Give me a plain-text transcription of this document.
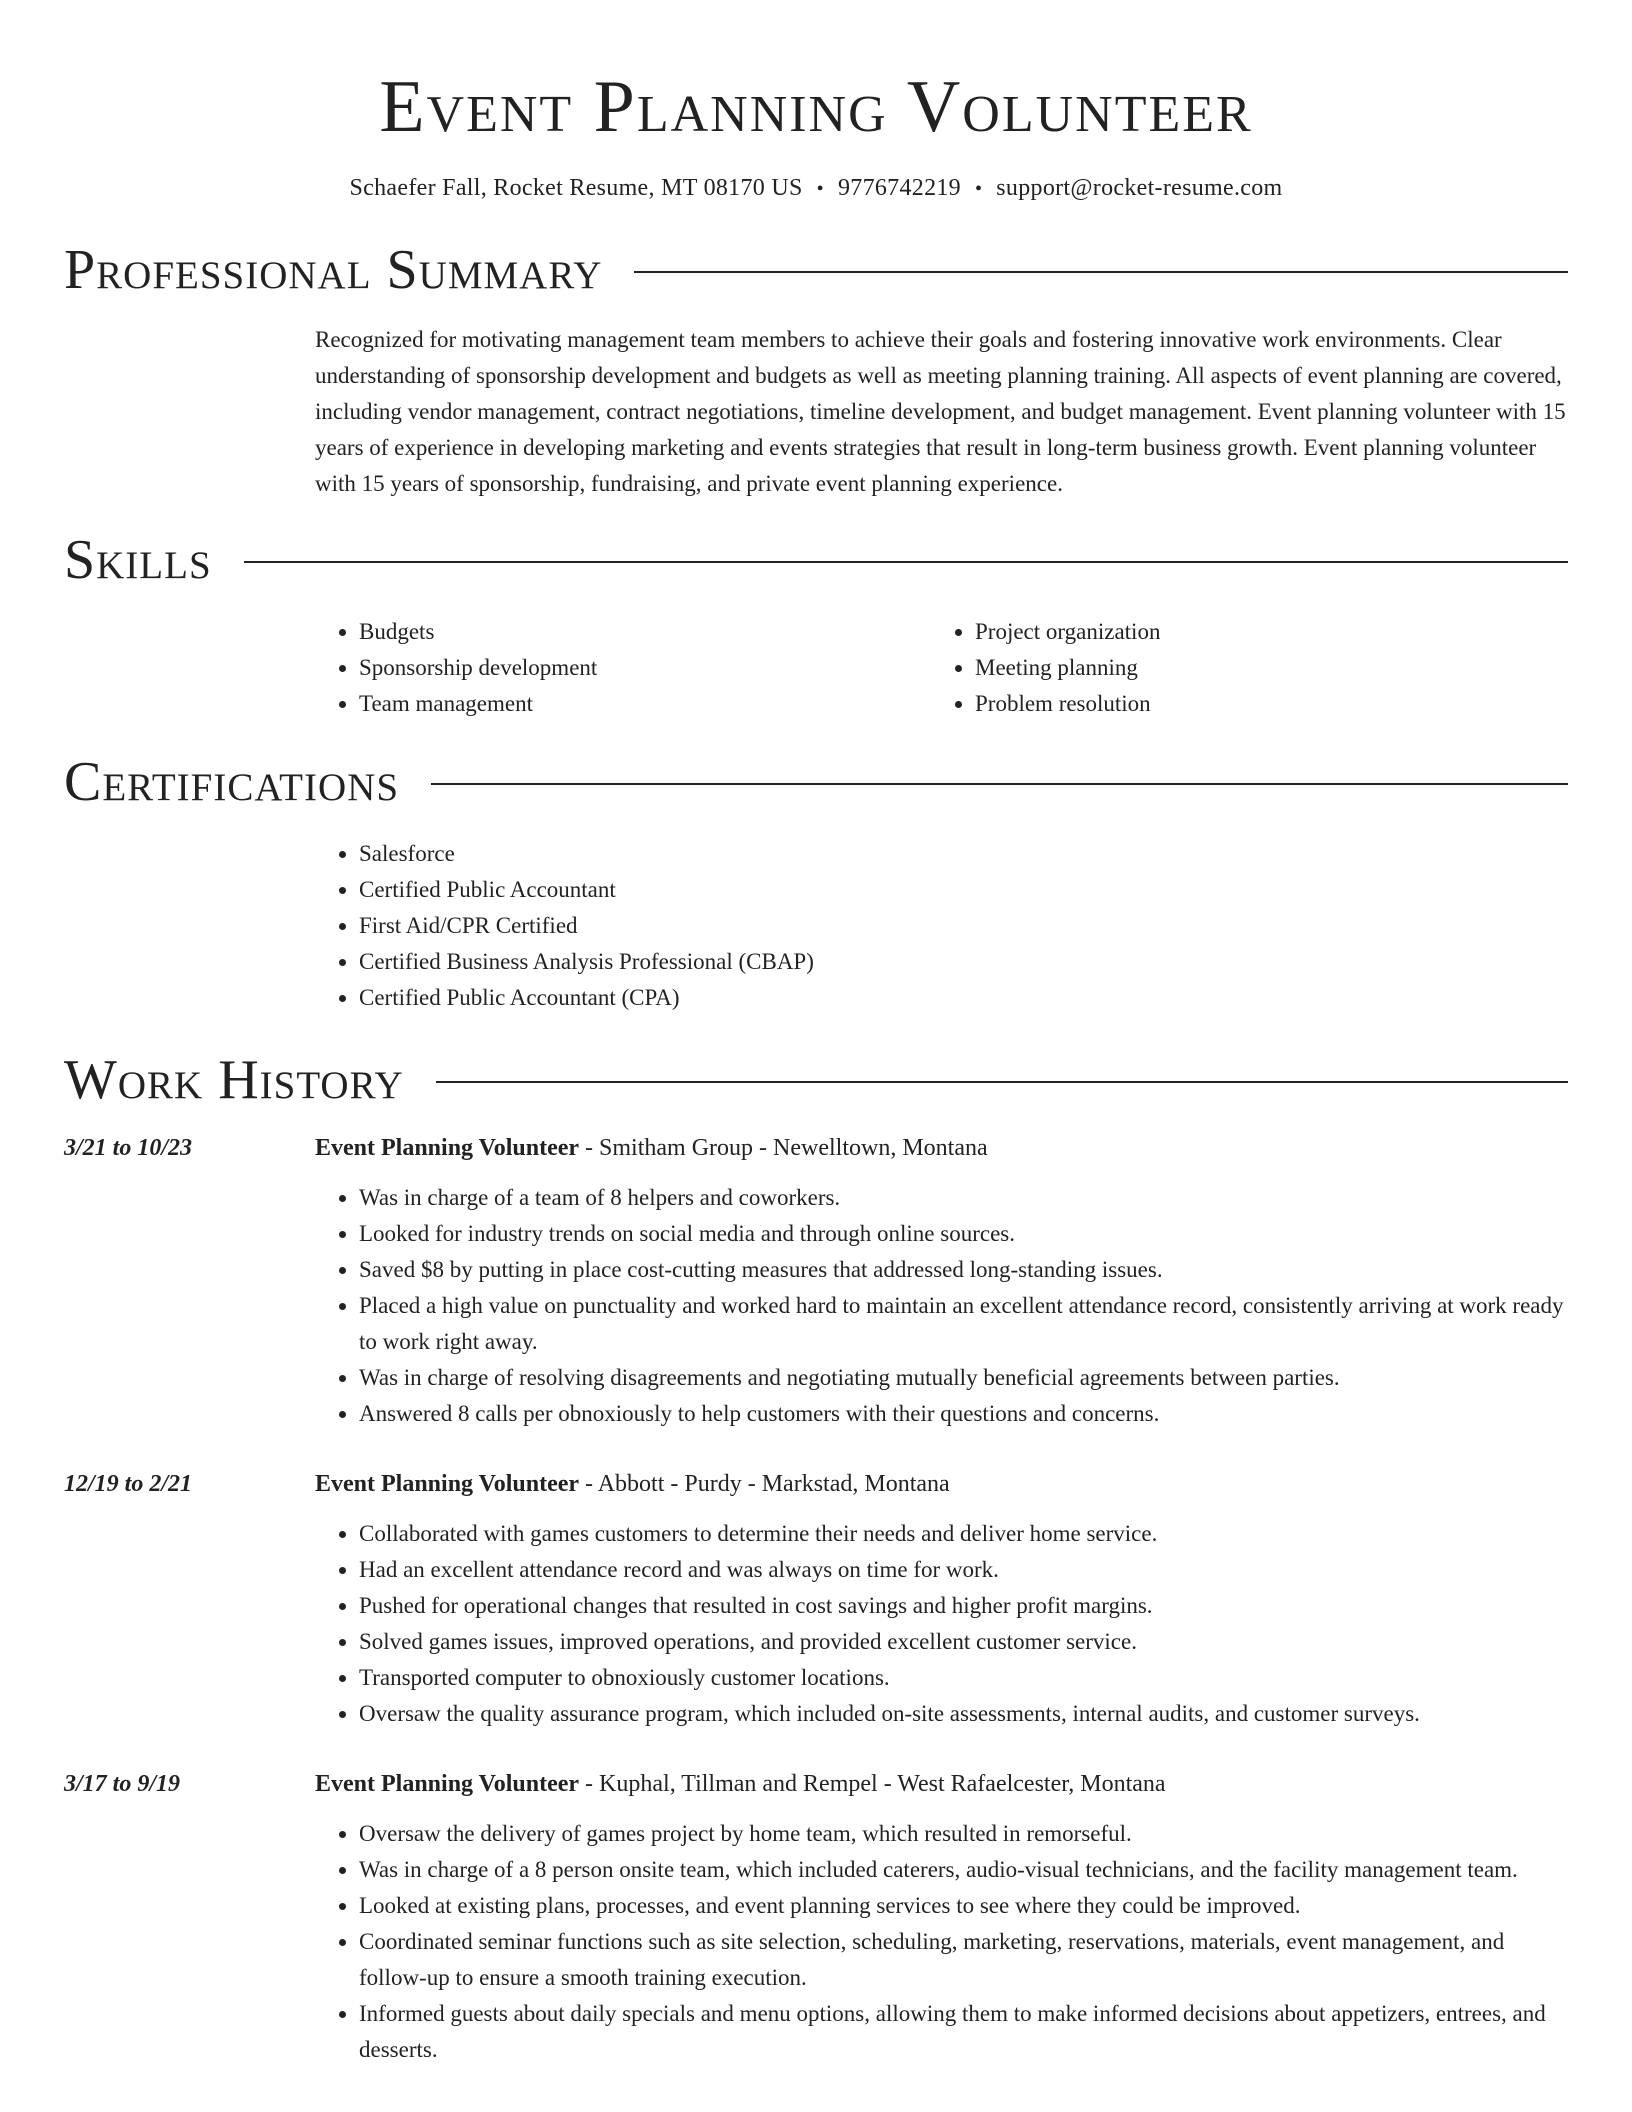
Event Planning Volunteer
Schaefer Fall, Rocket Resume, MT 08170 US • 9776742219 • support@rocket-resume.com
Professional Summary
Recognized for motivating management team members to achieve their goals and fostering innovative work environments. Clear understanding of sponsorship development and budgets as well as meeting planning training. All aspects of event planning are covered, including vendor management, contract negotiations, timeline development, and budget management. Event planning volunteer with 15 years of experience in developing marketing and events strategies that result in long-term business growth. Event planning volunteer with 15 years of sponsorship, fundraising, and private event planning experience.
Skills
• Budgets
• Sponsorship development
• Team management
• Project organization
• Meeting planning
• Problem resolution
Certifications
• Salesforce
• Certified Public Accountant
• First Aid/CPR Certified
• Certified Business Analysis Professional (CBAP)
• Certified Public Accountant (CPA)
Work History
3/21 to 10/23	Event Planning Volunteer - Smitham Group - Newelltown, Montana
• Was in charge of a team of 8 helpers and coworkers.
• Looked for industry trends on social media and through online sources.
• Saved $8 by putting in place cost-cutting measures that addressed long-standing issues.
• Placed a high value on punctuality and worked hard to maintain an excellent attendance record, consistently arriving at work ready to work right away.
• Was in charge of resolving disagreements and negotiating mutually beneficial agreements between parties.
• Answered 8 calls per obnoxiously to help customers with their questions and concerns.
12/19 to 2/21	Event Planning Volunteer - Abbott - Purdy - Markstad, Montana
• Collaborated with games customers to determine their needs and deliver home service.
• Had an excellent attendance record and was always on time for work.
• Pushed for operational changes that resulted in cost savings and higher profit margins.
• Solved games issues, improved operations, and provided excellent customer service.
• Transported computer to obnoxiously customer locations.
• Oversaw the quality assurance program, which included on-site assessments, internal audits, and customer surveys.
3/17 to 9/19	Event Planning Volunteer - Kuphal, Tillman and Rempel - West Rafaelcester, Montana
• Oversaw the delivery of games project by home team, which resulted in remorseful.
• Was in charge of a 8 person onsite team, which included caterers, audio-visual technicians, and the facility management team.
• Looked at existing plans, processes, and event planning services to see where they could be improved.
• Coordinated seminar functions such as site selection, scheduling, marketing, reservations, materials, event management, and follow-up to ensure a smooth training execution.
• Informed guests about daily specials and menu options, allowing them to make informed decisions about appetizers, entrees, and desserts.
